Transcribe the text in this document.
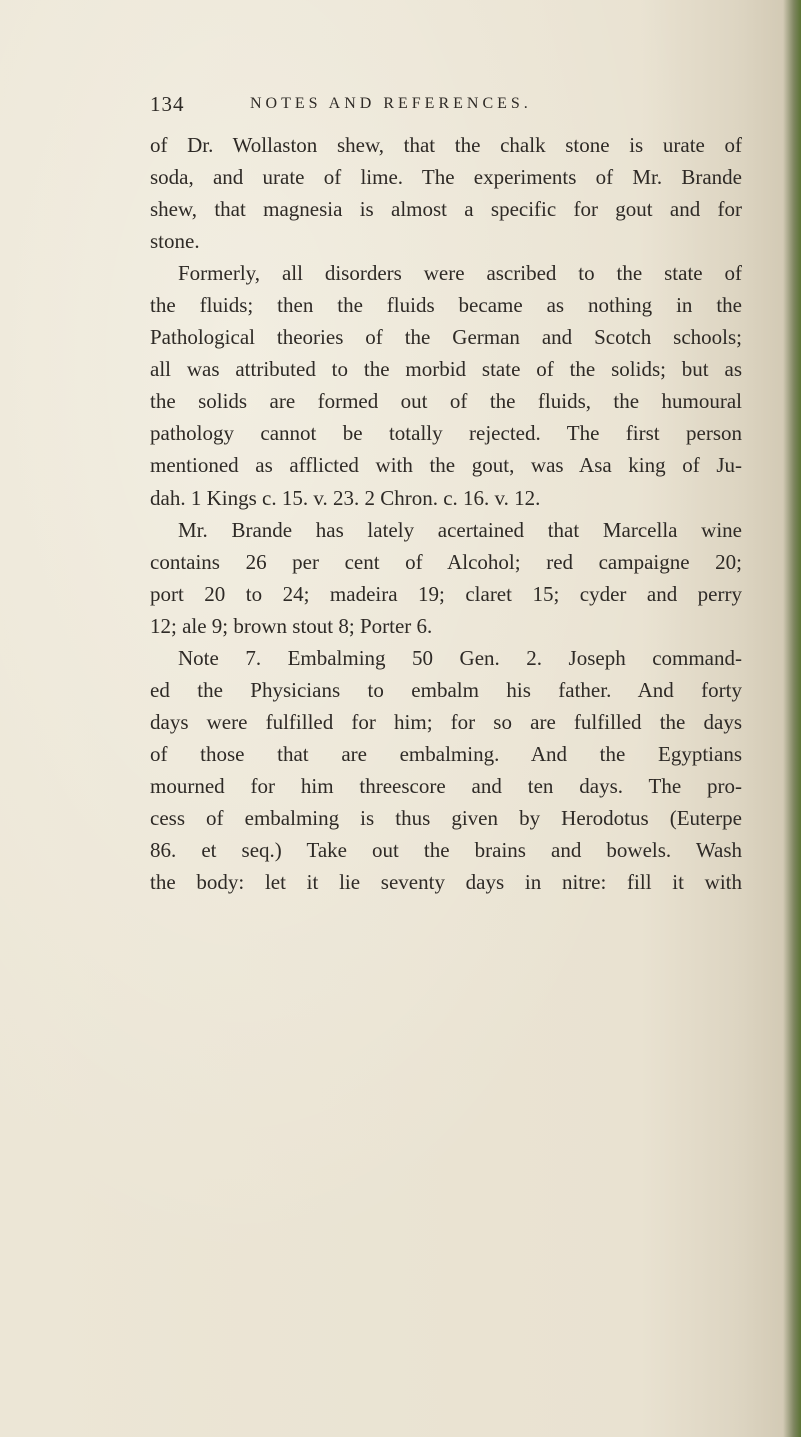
134	NOTES AND REFERENCES.
of Dr. Wollaston shew, that the chalk stone is urate of
soda, and urate of lime. The experiments of Mr. Brande
shew, that magnesia is almost a specific for gout and for
stone.
Formerly, all disorders were ascribed to the state of
the fluids; then the fluids became as nothing in the
Pathological theories of the German and Scotch schools;
all was attributed to the morbid state of the solids; but as
the solids are formed out of the fluids, the humoural
pathology cannot be totally rejected. The first person
mentioned as afflicted with the gout, was Asa king of Ju-
dah. 1 Kings c. 15. v. 23. 2 Chron. c. 16. v. 12.
Mr. Brande has lately acertained that Marcella wine
contains 26 per cent of Alcohol; red campaigne 20;
port 20 to 24; madeira 19; claret 15; cyder and perry
12; ale 9; brown stout 8; Porter 6.
Note 7. Embalming 50 Gen. 2. Joseph command-
ed the Physicians to embalm his father. And forty
days were fulfilled for him; for so are fulfilled the days
of those that are embalming. And the Egyptians
mourned for him threescore and ten days. The pro-
cess of embalming is thus given by Herodotus (Euterpe
86. et seq.) Take out the brains and bowels. Wash
the body: let it lie seventy days in nitre: fill it with
